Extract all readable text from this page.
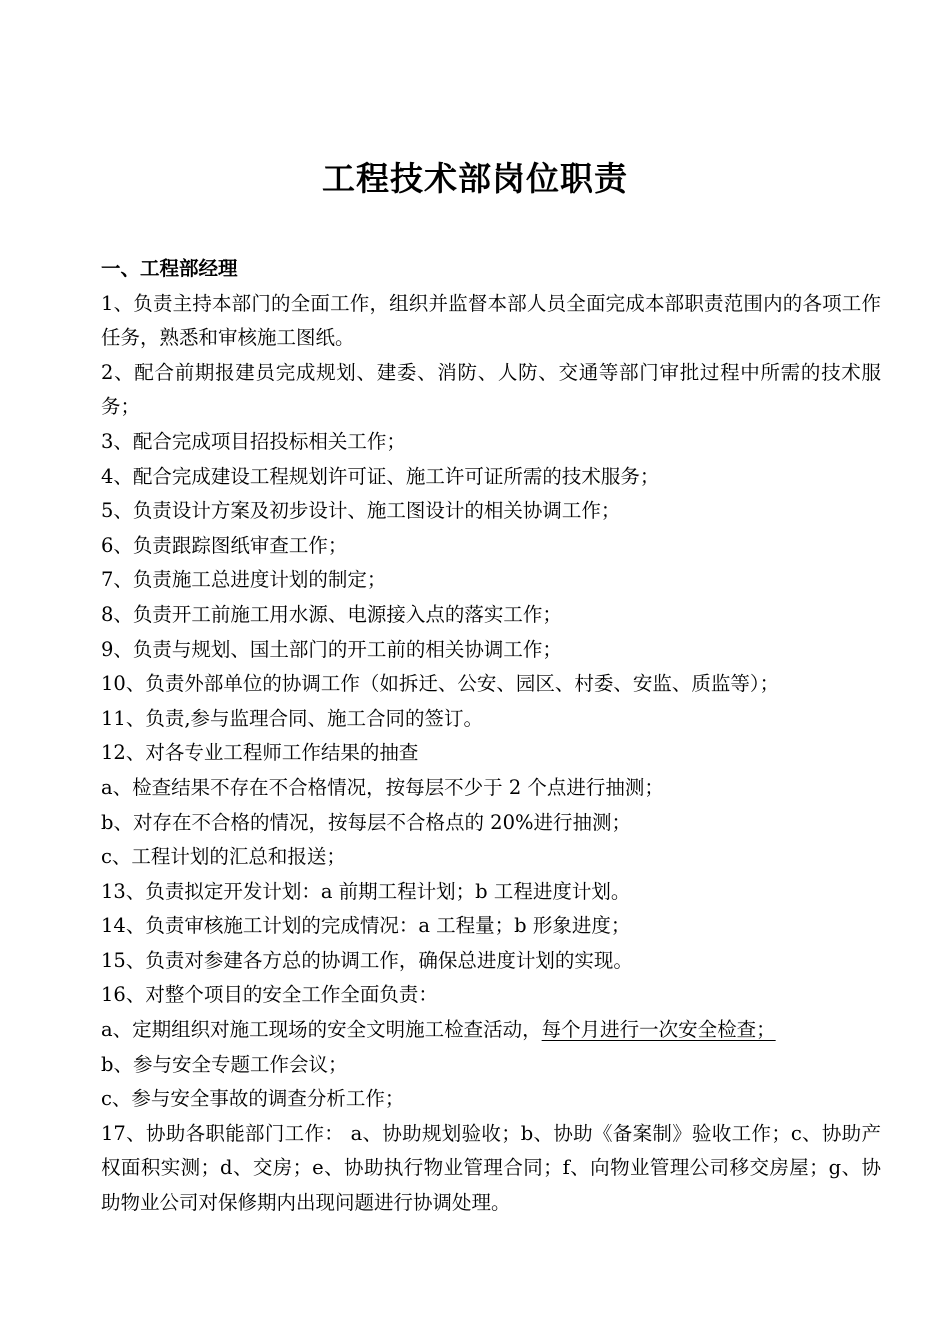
工程技术部岗位职责

一、工程部经理

1、负责主持本部门的全面工作，组织并监督本部人员全面完成本部职责范围内的各项工作任务，熟悉和审核施工图纸。

2、配合前期报建员完成规划、建委、消防、人防、交通等部门审批过程中所需的技术服务；

3、配合完成项目招投标相关工作；

4、配合完成建设工程规划许可证、施工许可证所需的技术服务；

5、负责设计方案及初步设计、施工图设计的相关协调工作；

6、负责跟踪图纸审查工作；

7、负责施工总进度计划的制定；

8、负责开工前施工用水源、电源接入点的落实工作；

9、负责与规划、国土部门的开工前的相关协调工作；

10、负责外部单位的协调工作（如拆迁、公安、园区、村委、安监、质监等）；

11、负责,参与监理合同、施工合同的签订。

12、对各专业工程师工作结果的抽查

a、检查结果不存在不合格情况，按每层不少于 2 个点进行抽测；

b、对存在不合格的情况，按每层不合格点的 20%进行抽测；

c、工程计划的汇总和报送；

13、负责拟定开发计划：a 前期工程计划；b 工程进度计划。

14、负责审核施工计划的完成情况：a 工程量；b 形象进度；

15、负责对参建各方总的协调工作，确保总进度计划的实现。

16、对整个项目的安全工作全面负责：

a、定期组织对施工现场的安全文明施工检查活动，每个月进行一次安全检查；

b、参与安全专题工作会议；

c、参与安全事故的调查分析工作；

17、协助各职能部门工作： a、协助规划验收；b、协助《备案制》验收工作；c、协助产权面积实测；d、交房；e、协助执行物业管理合同；f、向物业管理公司移交房屋；g、协助物业公司对保修期内出现问题进行协调处理。
